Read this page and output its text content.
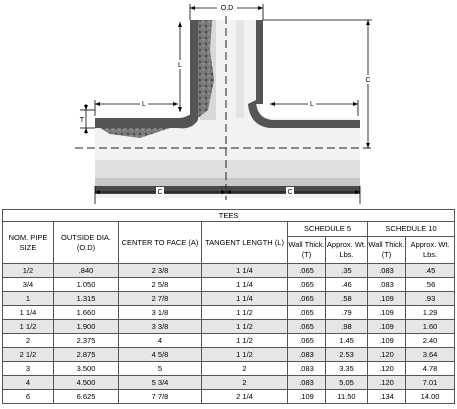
O.D
L
L	L
T
C
C	C
TEES							
NOM. PIPE SIZE	OUTSIDE DIA. (O.D)	CENTER TO FACE (A)	TANGENT LENGTH (L)	SCHEDULE 5		SCHEDULE 10	
				Wall Thick. (T)	Approx. Wt. Lbs.	Wall Thick. (T)	Approx. Wt. Lbs.
1/2	.840	2 3/8	1 1/4	.065	.35	.083	.45
3/4	1.050	2 5/8	1 1/4	.065	.46	.083	.56
1	1.315	2 7/8	1 1/4	.065	.58	.109	.93
1 1/4	1.660	3 1/8	1 1/2	.065	.79	.109	1.29
1 1/2	1.900	3 3/8	1 1/2	.065	.98	.109	1.60
2	2.375	4	1 1/2	.065	1.45	.109	2.40
2 1/2	2.875	4 5/8	1 1/2	.083	2.53	.120	3.64
3	3.500	5	2	.083	3.35	.120	4.78
4	4.500	5 3/4	2	.083	5.05	.120	7.01
6	6.625	7 7/8	2 1/4	.109	11.50	.134	14.00
